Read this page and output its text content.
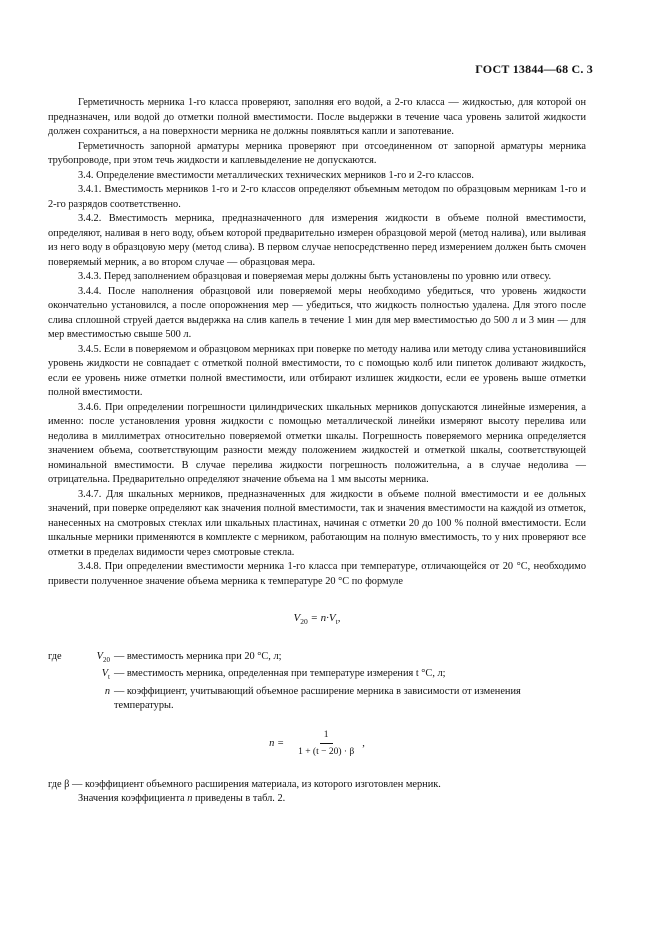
ГОСТ 13844—68 С. 3

Герметичность мерника 1-го класса проверяют, заполняя его водой, а 2-го класса — жидкостью, для которой он предназначен, или водой до отметки полной вместимости. После выдержки в течение часа уровень залитой жидкости должен сохраниться, а на поверхности мерника не должны появляться капли и запотевание.

Герметичность запорной арматуры мерника проверяют при отсоединенном от запорной арматуры мерника трубопроводе, при этом течь жидкости и каплевыделение не допускаются.

3.4. Определение вместимости металлических технических мерников 1-го и 2-го классов.

3.4.1. Вместимость мерников 1-го и 2-го классов определяют объемным методом по образцовым мерникам 1-го и 2-го разрядов соответственно.

3.4.2. Вместимость мерника, предназначенного для измерения жидкости в объеме полной вместимости, определяют, наливая в него воду, объем которой предварительно измерен образцовой мерой (метод налива), или выливая из него воду в образцовую меру (метод слива). В первом случае непосредственно перед измерением должен быть смочен поверяемый мерник, а во втором случае — образцовая мера.

3.4.3. Перед заполнением образцовая и поверяемая меры должны быть установлены по уровню или отвесу.

3.4.4. После наполнения образцовой или поверяемой меры необходимо убедиться, что уровень жидкости окончательно установился, а после опорожнения мер — убедиться, что жидкость полностью удалена. Для этого после слива сплошной струей дается выдержка на слив капель в течение 1 мин для мер вместимостью до 500 л и 3 мин — для мер вместимостью свыше 500 л.

3.4.5. Если в поверяемом и образцовом мерниках при поверке по методу налива или методу слива установившийся уровень жидкости не совпадает с отметкой полной вместимости, то с помощью колб или пипеток доливают жидкость, если ее уровень ниже отметки полной вместимости, или отбирают излишек жидкости, если ее уровень выше отметки полной вместимости.

3.4.6. При определении погрешности цилиндрических шкальных мерников допускаются линейные измерения, а именно: после установления уровня жидкости с помощью металлической линейки измеряют высоту перелива или недолива в миллиметрах относительно поверяемой отметки шкалы. Погрешность поверяемого мерника определяется значением объема, соответствующим разности между положением жидкостей и отметкой шкалы, соответствующей номинальной вместимости. В случае перелива жидкости погрешность положительна, а в случае недолива — отрицательна. Предварительно определяют значение объема на 1 мм высоты мерника.

3.4.7. Для шкальных мерников, предназначенных для жидкости в объеме полной вместимости и ее дольных значений, при поверке определяют как значения полной вместимости, так и значения вместимости на каждой из отметок, нанесенных на смотровых стеклах или шкальных пластинах, начиная с отметки 20 до 100 % полной вместимости. Если шкальные мерники применяются в комплекте с мерником, работающим на полную вместимость, то у них проверяют все отметки в пределах видимости через смотровые стекла.

3.4.8. При определении вместимости мерника 1-го класса при температуре, отличающейся от 20 °С, необходимо привести полученное значение объема мерника к температуре 20 °С по формуле

$V_{20} = n\cdot V_t$,
где	$V_{20}$ — вместимость мерника при 20 °С, л;
$V_t$ — вместимость мерника, определенная при температуре измерения t °С, л;
n — коэффициент, учитывающий объемное расширение мерника в зависимости от изменения
температуры.
$n = \frac{1}{1 + (t - 20) \cdot \beta}$ ,

где β — коэффициент объемного расширения материала, из которого изготовлен мерник.

Значения коэффициента n приведены в табл. 2.
